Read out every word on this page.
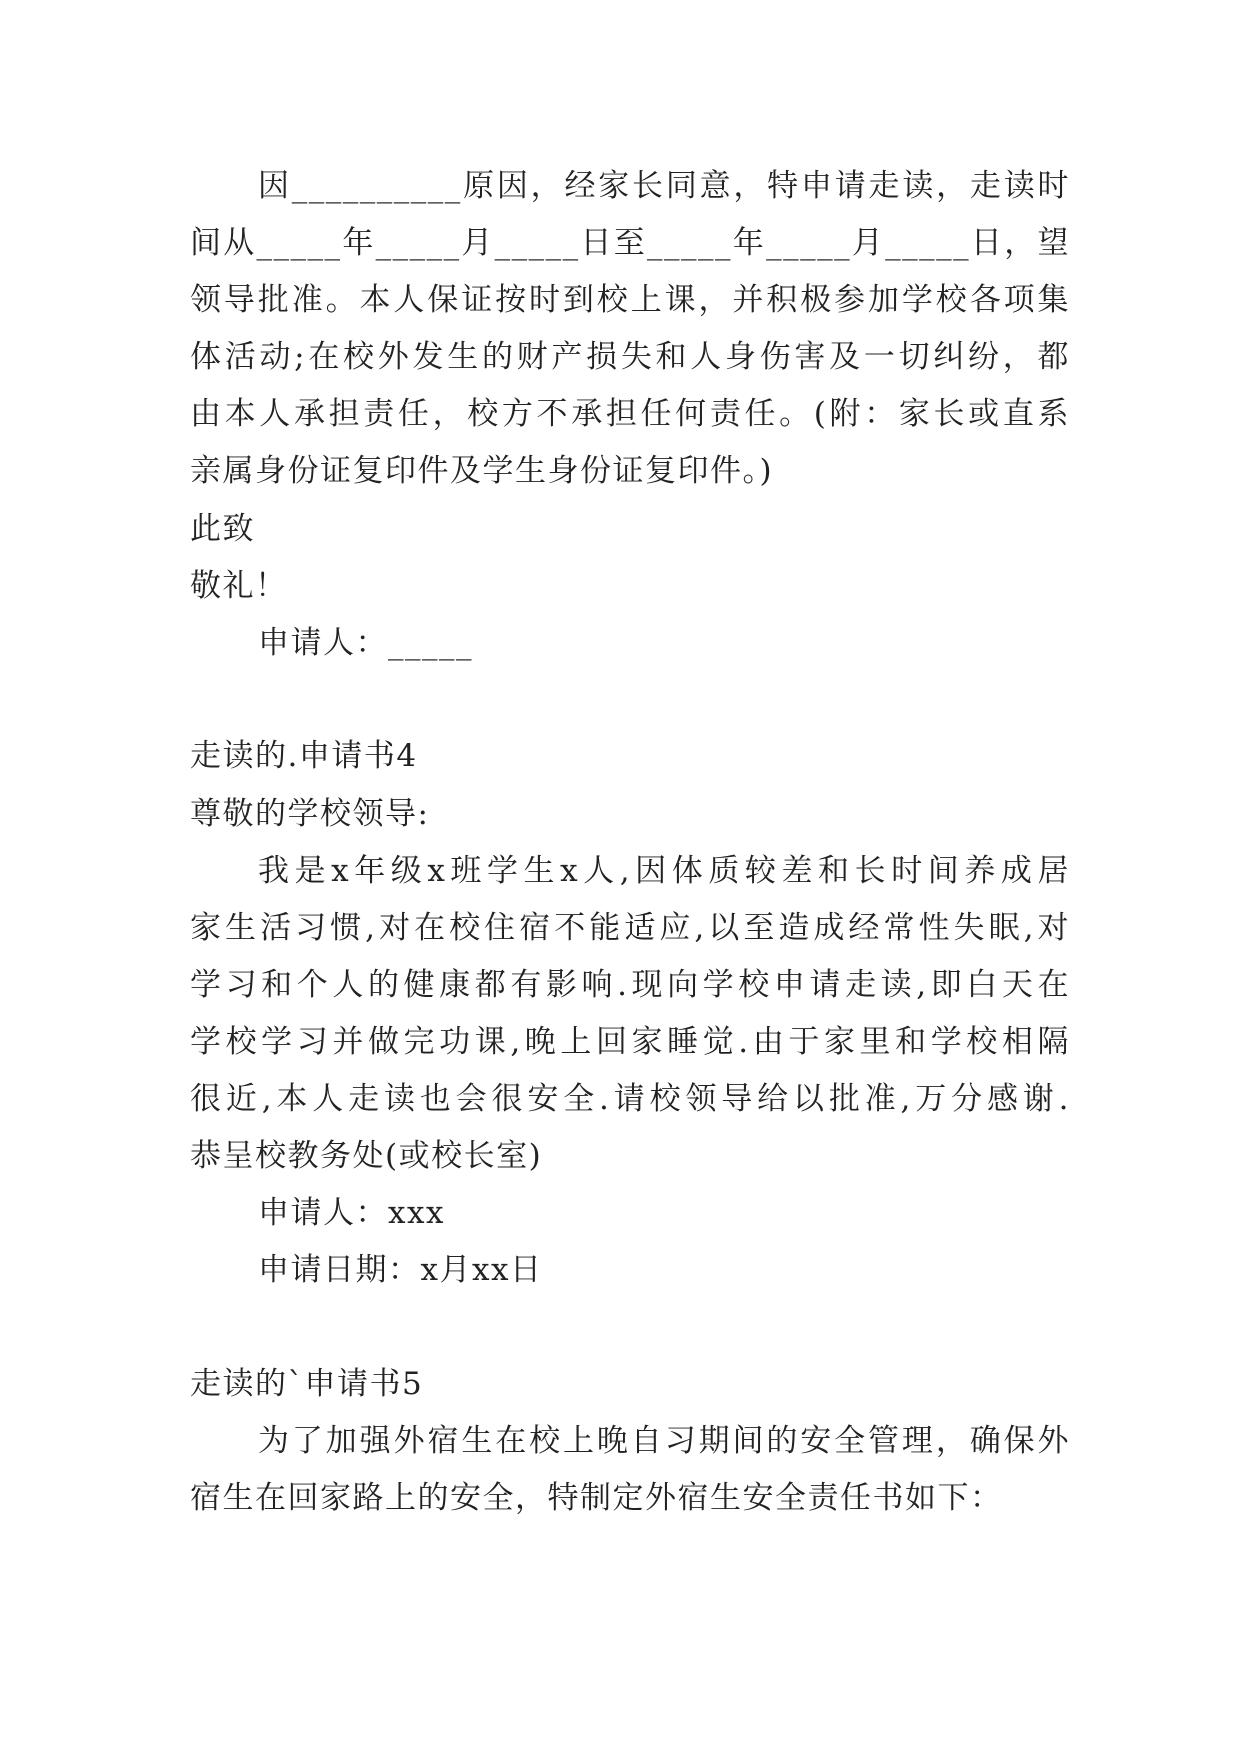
因__________原因，经家长同意，特申请走读，走读时
间从_____年_____月_____日至_____年_____月_____日，望
领导批准。本人保证按时到校上课，并积极参加学校各项集
体活动;在校外发生的财产损失和人身伤害及一切纠纷，都
由本人承担责任，校方不承担任何责任。(附：家长或直系
亲属身份证复印件及学生身份证复印件。)
此致
敬礼！
申请人：_____
走读的.申请书4
尊敬的学校领导:
我是x年级x班学生x人,因体质较差和长时间养成居
家生活习惯,对在校住宿不能适应,以至造成经常性失眠,对
学习和个人的健康都有影响.现向学校申请走读,即白天在
学校学习并做完功课,晚上回家睡觉.由于家里和学校相隔
很近,本人走读也会很安全.请校领导给以批准,万分感谢.
恭呈校教务处(或校长室)
申请人：xxx
申请日期：x月xx日
走读的`申请书5
为了加强外宿生在校上晚自习期间的安全管理，确保外
宿生在回家路上的安全，特制定外宿生安全责任书如下：
